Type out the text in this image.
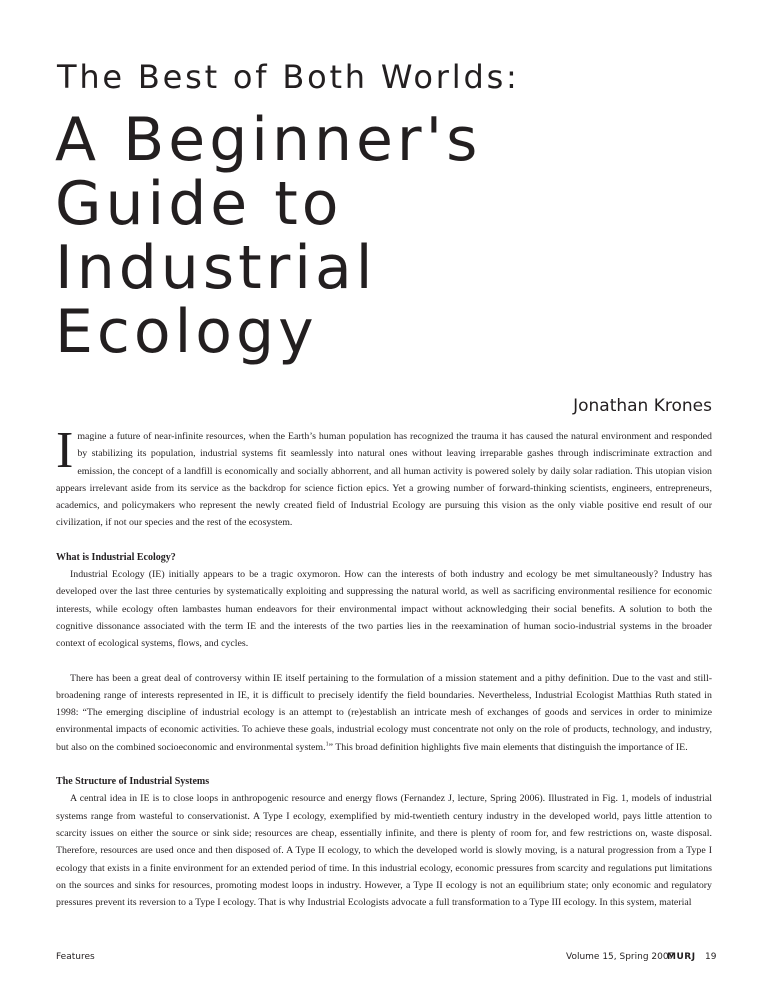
The Best of Both Worlds:
A Beginner's
Guide to
Industrial
Ecology
Jonathan Krones

Imagine a future of near-infinite resources, when the Earth’s human population has recognized the trauma it has caused the natural environment and responded by stabilizing its population, industrial systems fit seamlessly into natural ones without leaving irreparable gashes through indiscriminate extraction and emission, the concept of a landfill is economically and socially abhorrent, and all human activity is powered solely by daily solar radiation. This utopian vision appears irrelevant aside from its service as the backdrop for science fiction epics. Yet a growing number of forward-thinking scientists, engineers, entrepreneurs, academics, and policymakers who represent the newly created field of Industrial Ecology are pursuing this vision as the only viable positive end result of our civilization, if not our species and the rest of the ecosystem.

What is Industrial Ecology?

Industrial Ecology (IE) initially appears to be a tragic oxymoron. How can the interests of both industry and ecology be met simultaneously? Industry has developed over the last three centuries by systematically exploiting and suppressing the natural world, as well as sacrificing environmental resilience for economic interests, while ecology often lambastes human endeavors for their environmental impact without acknowledging their social benefits. A solution to both the cognitive dissonance associated with the term IE and the interests of the two parties lies in the reexamination of human socio-industrial systems in the broader context of ecological systems, flows, and cycles.

There has been a great deal of controversy within IE itself pertaining to the formulation of a mission statement and a pithy definition. Due to the vast and still-broadening range of interests represented in IE, it is difficult to precisely identify the field boundaries. Nevertheless, Industrial Ecologist Matthias Ruth stated in 1998: “The emerging discipline of industrial ecology is an attempt to (re)establish an intricate mesh of exchanges of goods and services in order to minimize environmental impacts of economic activities. To achieve these goals, industrial ecology must concentrate not only on the role of products, technology, and industry, but also on the combined socioeconomic and environmental system.$^1$” This broad definition highlights five main elements that distinguish the importance of IE.

The Structure of Industrial Systems

A central idea in IE is to close loops in anthropogenic resource and energy flows (Fernandez J, lecture, Spring 2006). Illustrated in Fig. 1, models of industrial systems range from wasteful to conservationist. A Type I ecology, exemplified by mid-twentieth century industry in the developed world, pays little attention to scarcity issues on either the source or sink side; resources are cheap, essentially infinite, and there is plenty of room for, and few restrictions on, waste disposal. Therefore, resources are used once and then disposed of. A Type II ecology, to which the developed world is slowly moving, is a natural progression from a Type I ecology that exists in a finite environment for an extended period of time. In this industrial ecology, economic pressures from scarcity and regulations put limitations on the sources and sinks for resources, promoting modest loops in industry. However, a Type II ecology is not an equilibrium state; only economic and regulatory pressures prevent its reversion to a Type I ecology. That is why Industrial Ecologists advocate a full transformation to a Type III ecology. In this system, material

Features	Volume 15, Spring 2007
MURJ 19
